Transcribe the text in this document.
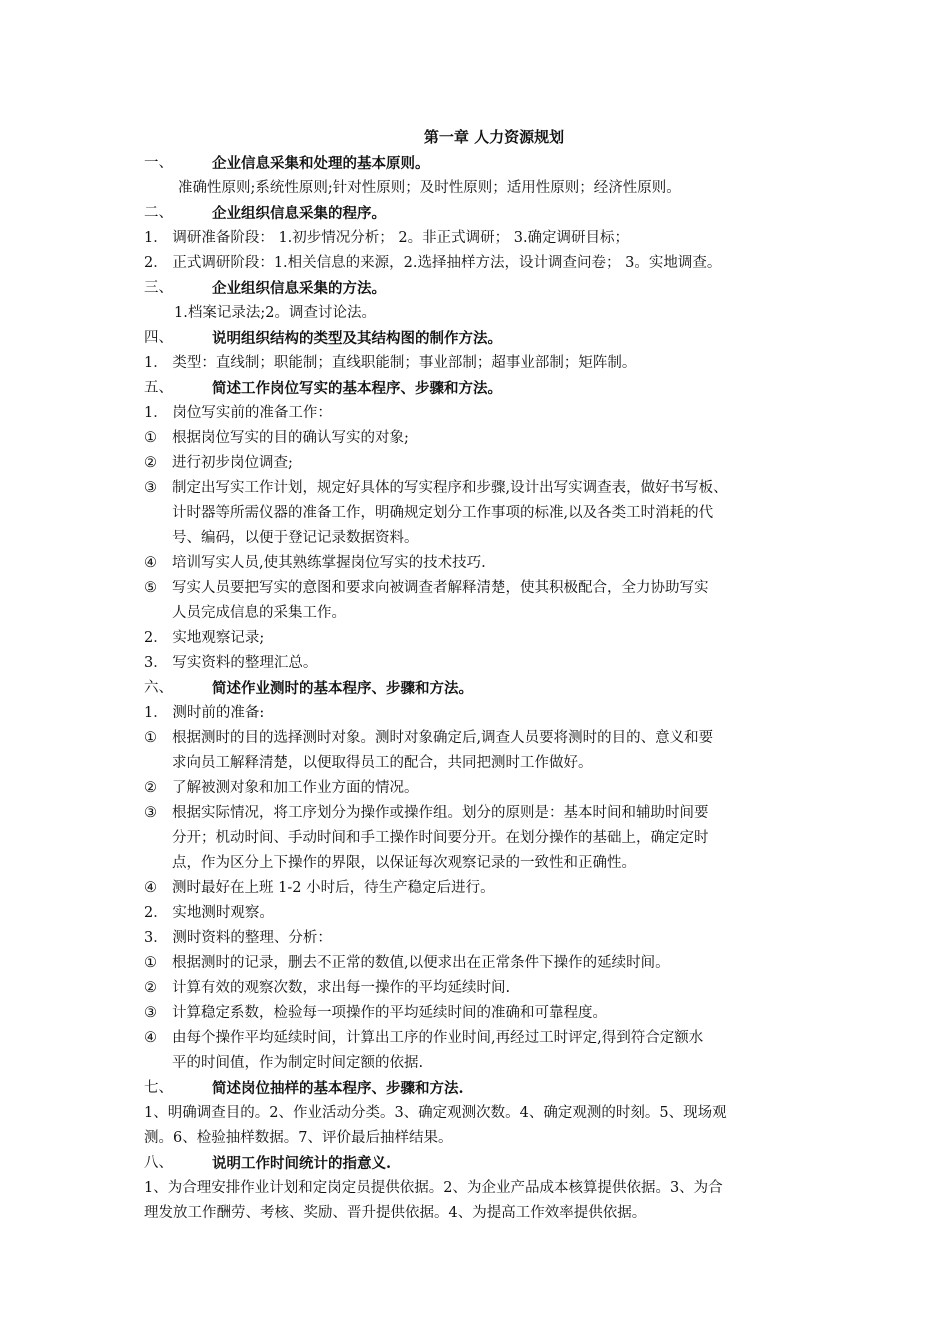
第一章 人力资源规划
一、	企业信息采集和处理的基本原则。
准确性原则;系统性原则;针对性原则；及时性原则；适用性原则；经济性原则。
二、	企业组织信息采集的程序。
1． 调研准备阶段： 1.初步情况分析； 2。非正式调研； 3.确定调研目标；
2． 正式调研阶段：1.相关信息的来源，2.选择抽样方法，设计调查问卷； 3。实地调查。
三、	企业组织信息采集的方法。
1.档案记录法;2。调查讨论法。
四、	说明组织结构的类型及其结构图的制作方法。
1． 类型：直线制；职能制；直线职能制；事业部制；超事业部制；矩阵制。
五、	简述工作岗位写实的基本程序、步骤和方法。
1． 岗位写实前的准备工作：
①	根据岗位写实的目的确认写实的对象;
②	进行初步岗位调查;
③	制定出写实工作计划，规定好具体的写实程序和步骤,设计出写实调查表，做好书写板、
计时器等所需仪器的准备工作，明确规定划分工作事项的标准,以及各类工时消耗的代
号、编码，以便于登记记录数据资料。
④	培训写实人员,使其熟练掌握岗位写实的技术技巧.
⑤	写实人员要把写实的意图和要求向被调查者解释清楚，使其积极配合，全力协助写实
人员完成信息的采集工作。
2． 实地观察记录;
3． 写实资料的整理汇总。
六、	简述作业测时的基本程序、步骤和方法。
1． 测时前的准备:
①	根据测时的目的选择测时对象。测时对象确定后,调查人员要将测时的目的、意义和要
求向员工解释清楚，以便取得员工的配合，共同把测时工作做好。
②	了解被测对象和加工作业方面的情况。
③	根据实际情况，将工序划分为操作或操作组。划分的原则是：基本时间和辅助时间要
分开；机动时间、手动时间和手工操作时间要分开。在划分操作的基础上，确定定时
点，作为区分上下操作的界限，以保证每次观察记录的一致性和正确性。
④	测时最好在上班 1-2 小时后，待生产稳定后进行。
2． 实地测时观察。
3． 测时资料的整理、分析：
①	根据测时的记录，删去不正常的数值,以便求出在正常条件下操作的延续时间。
②	计算有效的观察次数，求出每一操作的平均延续时间.
③	计算稳定系数，检验每一项操作的平均延续时间的准确和可靠程度。
④	由每个操作平均延续时间，计算出工序的作业时间,再经过工时评定,得到符合定额水
平的时间值，作为制定时间定额的依据.
七、	简述岗位抽样的基本程序、步骤和方法.
1、明确调查目的。2、作业活动分类。3、确定观测次数。4、确定观测的时刻。5、现场观
测。6、检验抽样数据。7、评价最后抽样结果。
八、	说明工作时间统计的指意义.
1、为合理安排作业计划和定岗定员提供依据。2、为企业产品成本核算提供依据。3、为合
理发放工作酬劳、考核、奖励、晋升提供依据。4、为提高工作效率提供依据。
